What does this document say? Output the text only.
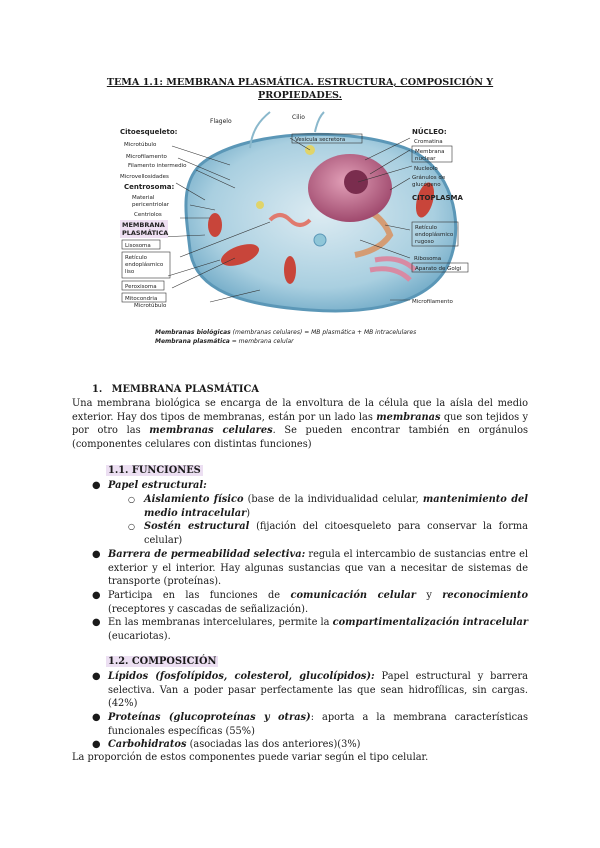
TEMA 1.1: MEMBRANA PLASMÁTICA. ESTRUCTURA, COMPOSICIÓN Y PROPIEDADES.
Flagelo
Cilio
Citoesqueleto:
Microtúbulo
Microfilamento
Filamento intermedio
Microvellosidades
Centrosoma:
Material
pericentriolar
Centriolos
MEMBRANA
PLASMÁTICA
Lisosoma
Retículo
endoplásmico
liso
Peroxisoma
Mitocondria
Microtúbulo
Vesícula secretora
NÚCLEO:
Cromatina
Membrana
nuclear
Nucleolo
Gránulos de
glucógeno
CITOPLASMA
Retículo
endoplásmico
rugoso
Ribosoma
Aparato de Golgi
Microfilamento
Membranas biológicas (membranas celulares) = MB plasmática + MB intracelulares
Membrana plasmática = membrana celular
1. MEMBRANA PLASMÁTICA
Una membrana biológica se encarga de la envoltura de la célula que la aísla del medio exterior. Hay dos tipos de membranas, están por un lado las membranas que son tejidos y por otro las membranas celulares. Se pueden encontrar también en orgánulos (componentes celulares con distintas funciones)
1.1. FUNCIONES
● Papel estructural:
○ Aislamiento físico (base de la individualidad celular, mantenimiento del medio intracelular)
○ Sostén estructural (fijación del citoesqueleto para conservar la forma celular)
● Barrera de permeabilidad selectiva: regula el intercambio de sustancias entre el exterior y el interior. Hay algunas sustancias que van a necesitar de sistemas de transporte (proteínas).
● Participa en las funciones de comunicación celular y reconocimiento (receptores y cascadas de señalización).
● En las membranas intercelulares, permite la compartimentalización intracelular (eucariotas).
1.2. COMPOSICIÓN
● Lípidos (fosfolípidos, colesterol, glucolípidos): Papel estructural y barrera selectiva. Van a poder pasar perfectamente las que sean hidrofílicas, sin cargas. (42%)
● Proteínas (glucoproteínas y otras): aporta a la membrana características funcionales específicas (55%)
● Carbohidratos (asociadas las dos anteriores)(3%)
La proporción de estos componentes puede variar según el tipo celular.
